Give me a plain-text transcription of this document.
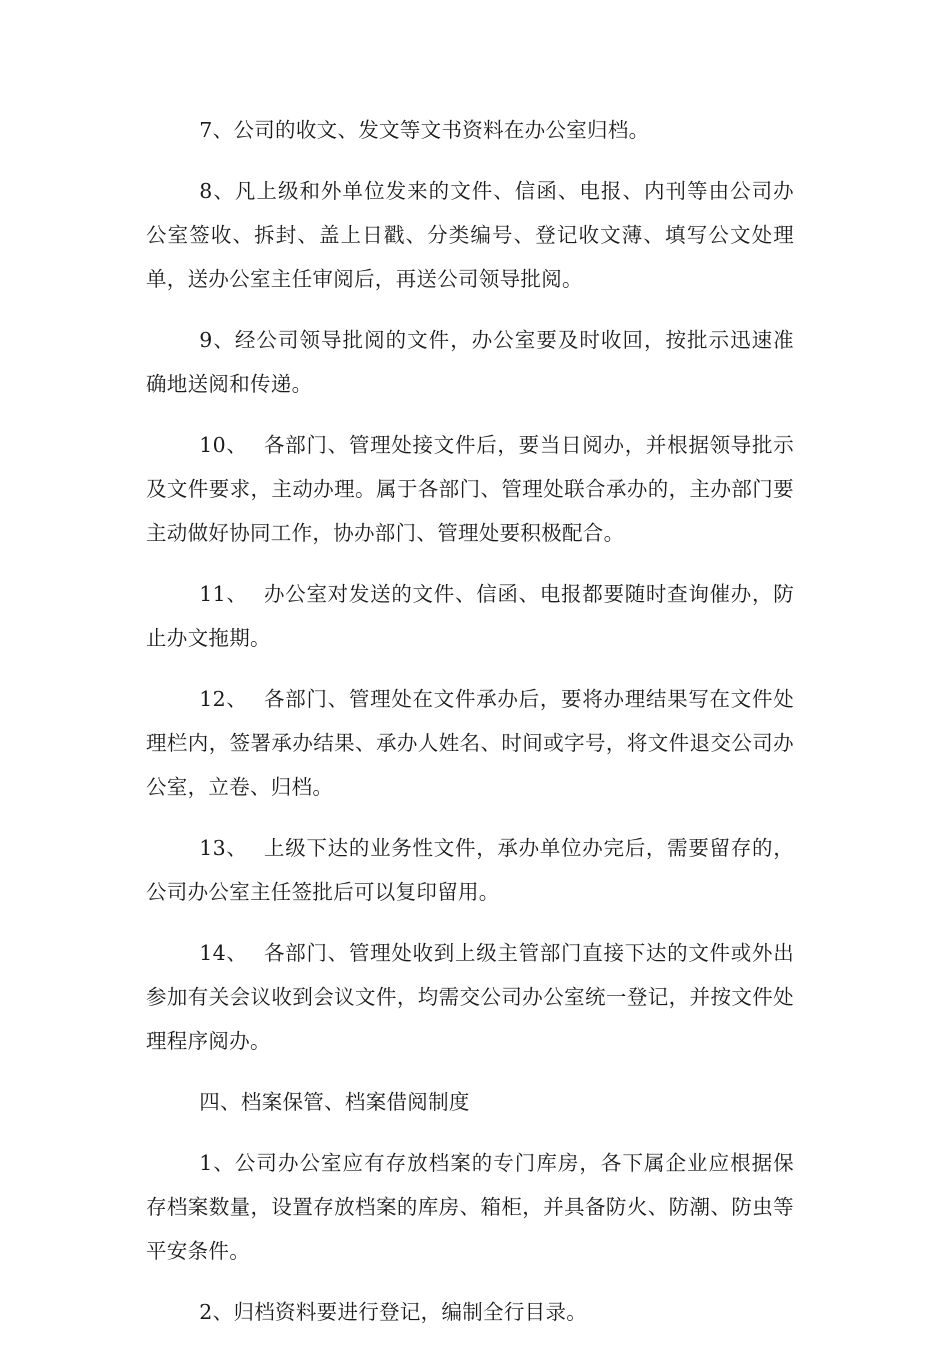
7、公司的收文、发文等文书资料在办公室归档。

8、凡上级和外单位发来的文件、信函、电报、内刊等由公司办公室签收、拆封、盖上日戳、分类编号、登记收文薄、填写公文处理单，送办公室主任审阅后，再送公司领导批阅。

9、经公司领导批阅的文件，办公室要及时收回，按批示迅速准确地送阅和传递。

10、 各部门、管理处接文件后，要当日阅办，并根据领导批示及文件要求，主动办理。属于各部门、管理处联合承办的，主办部门要主动做好协同工作，协办部门、管理处要积极配合。

11、 办公室对发送的文件、信函、电报都要随时查询催办，防止办文拖期。

12、 各部门、管理处在文件承办后，要将办理结果写在文件处理栏内，签署承办结果、承办人姓名、时间或字号，将文件退交公司办公室，立卷、归档。

13、 上级下达的业务性文件，承办单位办完后，需要留存的，公司办公室主任签批后可以复印留用。

14、 各部门、管理处收到上级主管部门直接下达的文件或外出参加有关会议收到会议文件，均需交公司办公室统一登记，并按文件处理程序阅办。

四、档案保管、档案借阅制度

1、公司办公室应有存放档案的专门库房，各下属企业应根据保存档案数量，设置存放档案的库房、箱柜，并具备防火、防潮、防虫等平安条件。

2、归档资料要进行登记，编制全行目录。
